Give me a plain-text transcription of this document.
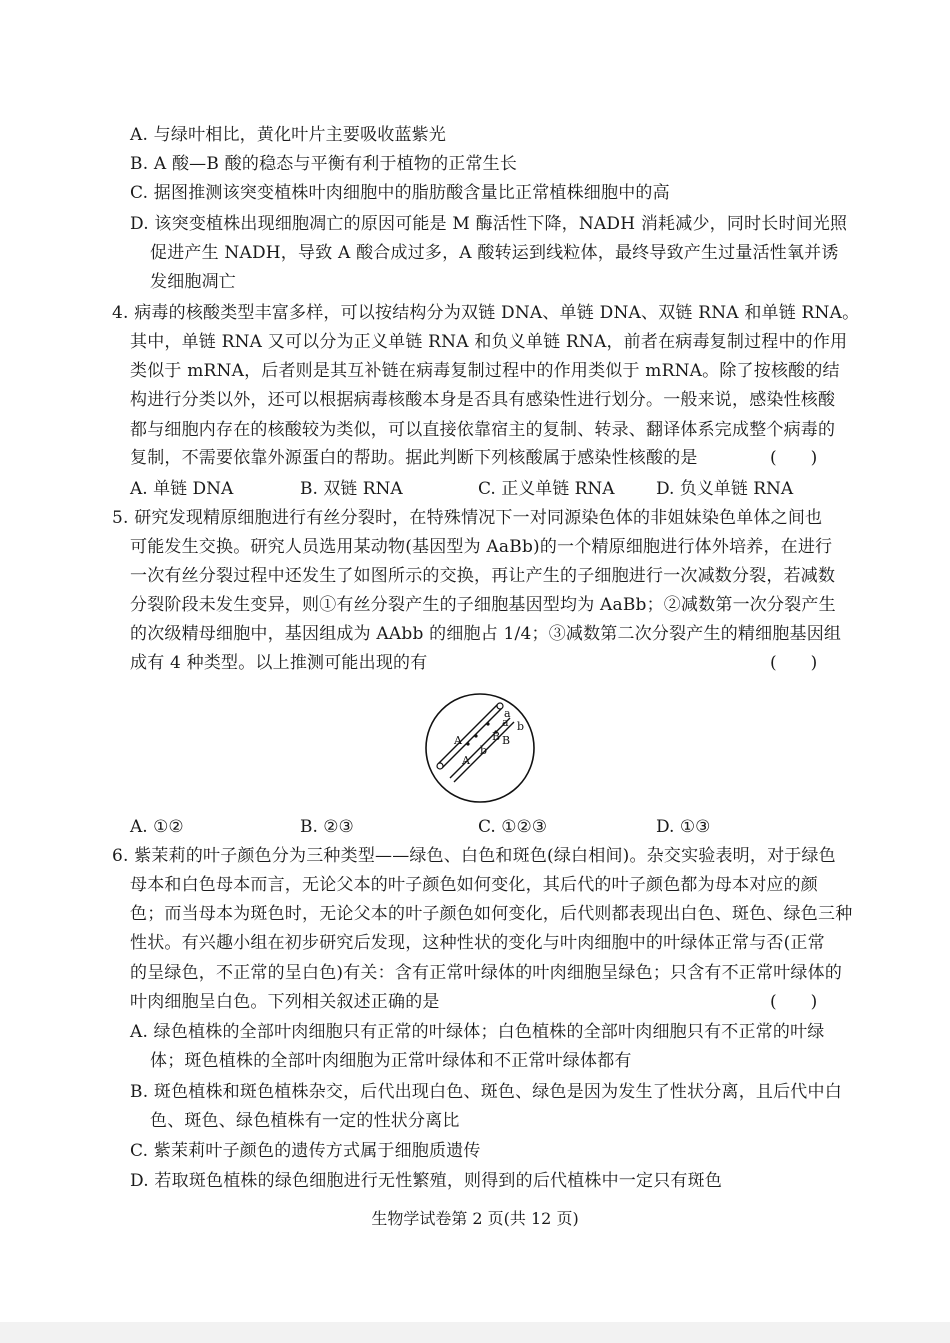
A. 与绿叶相比，黄化叶片主要吸收蓝紫光
B. A 酸—B 酸的稳态与平衡有利于植物的正常生长
C. 据图推测该突变植株叶肉细胞中的脂肪酸含量比正常植株细胞中的高
D. 该突变植株出现细胞凋亡的原因可能是 M 酶活性下降，NADH 消耗减少，同时长时间光照
促进产生 NADH，导致 A 酸合成过多，A 酸转运到线粒体，最终导致产生过量活性氧并诱
发细胞凋亡
4. 病毒的核酸类型丰富多样，可以按结构分为双链 DNA、单链 DNA、双链 RNA 和单链 RNA。
其中，单链 RNA 又可以分为正义单链 RNA 和负义单链 RNA，前者在病毒复制过程中的作用
类似于 mRNA，后者则是其互补链在病毒复制过程中的作用类似于 mRNA。除了按核酸的结
构进行分类以外，还可以根据病毒核酸本身是否具有感染性进行划分。一般来说，感染性核酸
都与细胞内存在的核酸较为类似，可以直接依靠宿主的复制、转录、翻译体系完成整个病毒的
复制，不需要依靠外源蛋白的帮助。据此判断下列核酸属于感染性核酸的是	(　　)
A. 单链 DNA	B. 双链 RNA	C. 正义单链 RNA D. 负义单链 RNA
5. 研究发现精原细胞进行有丝分裂时，在特殊情况下一对同源染色体的非姐妹染色单体之间也
可能发生交换。研究人员选用某动物(基因型为 AaBb)的一个精原细胞进行体外培养，在进行
一次有丝分裂过程中还发生了如图所示的交换，再让产生的子细胞进行一次减数分裂，若减数
分裂阶段未发生变异，则①有丝分裂产生的子细胞基因型均为 AaBb；②减数第一次分裂产生
的次级精母细胞中，基因组成为 AAbb 的细胞占 1/4；③减数第二次分裂产生的精细胞基因组
成有 4 种类型。以上推测可能出现的有	(　　)
a
a b
B B
A
A
b
A. ①②	B. ②③	C. ①②③	D. ①③
6. 紫茉莉的叶子颜色分为三种类型——绿色、白色和斑色(绿白相间)。杂交实验表明，对于绿色
母本和白色母本而言，无论父本的叶子颜色如何变化，其后代的叶子颜色都为母本对应的颜
色；而当母本为斑色时，无论父本的叶子颜色如何变化，后代则都表现出白色、斑色、绿色三种
性状。有兴趣小组在初步研究后发现，这种性状的变化与叶肉细胞中的叶绿体正常与否(正常
的呈绿色，不正常的呈白色)有关：含有正常叶绿体的叶肉细胞呈绿色；只含有不正常叶绿体的
叶肉细胞呈白色。下列相关叙述正确的是	(　　)
A. 绿色植株的全部叶肉细胞只有正常的叶绿体；白色植株的全部叶肉细胞只有不正常的叶绿
体；斑色植株的全部叶肉细胞为正常叶绿体和不正常叶绿体都有
B. 斑色植株和斑色植株杂交，后代出现白色、斑色、绿色是因为发生了性状分离，且后代中白
色、斑色、绿色植株有一定的性状分离比
C. 紫茉莉叶子颜色的遗传方式属于细胞质遗传
D. 若取斑色植株的绿色细胞进行无性繁殖，则得到的后代植株中一定只有斑色
生物学试卷第 2 页(共 12 页)
